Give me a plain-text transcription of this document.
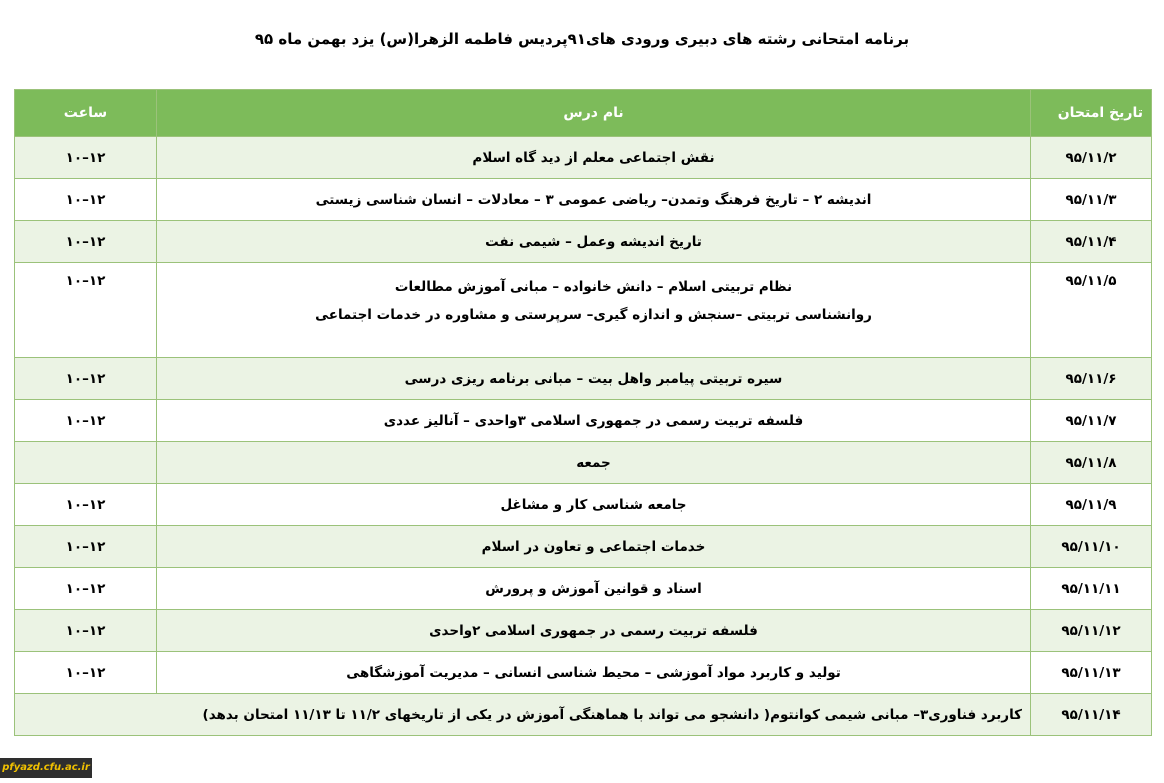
برنامه امتحانی رشته های دبیری ورودی های۹۱پردیس فاطمه الزهرا(س) یزد بهمن ماه ۹۵
تاریخ امتحان	نام درس	ساعت
۹۵/۱۱/۲	نقش اجتماعی معلم از دید گاه اسلام	۱۰–۱۲
۹۵/۱۱/۳	اندیشه ۲ – تاریخ فرهنگ وتمدن– ریاضی عمومی ۳ – معادلات – انسان شناسی زیستی	۱۰–۱۲
۹۵/۱۱/۴	تاریخ اندیشه وعمل – شیمی نفت	۱۰–۱۲
۹۵/۱۱/۵	نظام تربیتی اسلام – دانش خانواده – مبانی آموزش مطالعات
روانشناسی تربیتی –سنجش و اندازه گیری– سرپرستی و مشاوره در خدمات اجتماعی	۱۰–۱۲
۹۵/۱۱/۶	سیره تربیتی پیامبر واهل بیت – مبانی برنامه ریزی درسی	۱۰–۱۲
۹۵/۱۱/۷	فلسفه تربیت رسمی در جمهوری اسلامی ۳واحدی – آنالیز عددی	۱۰–۱۲
۹۵/۱۱/۸	جمعه	
۹۵/۱۱/۹	جامعه شناسی کار و مشاغل	۱۰–۱۲
۹۵/۱۱/۱۰	خدمات اجتماعی و تعاون در اسلام	۱۰–۱۲
۹۵/۱۱/۱۱	اسناد و قوانین آموزش و پرورش	۱۰–۱۲
۹۵/۱۱/۱۲	فلسفه تربیت رسمی در جمهوری اسلامی ۲واحدی	۱۰–۱۲
۹۵/۱۱/۱۳	تولید و کاربرد مواد آموزشی – محیط شناسی انسانی – مدیریت آموزشگاهی	۱۰–۱۲
۹۵/۱۱/۱۴	کاربرد فناوری۳– مبانی شیمی کوانتوم( دانشجو می تواند با هماهنگی آموزش در یکی از تاریخهای ۱۱/۲ تا ۱۱/۱۳ امتحان بدهد)	
pfyazd.cfu.ac.ir
